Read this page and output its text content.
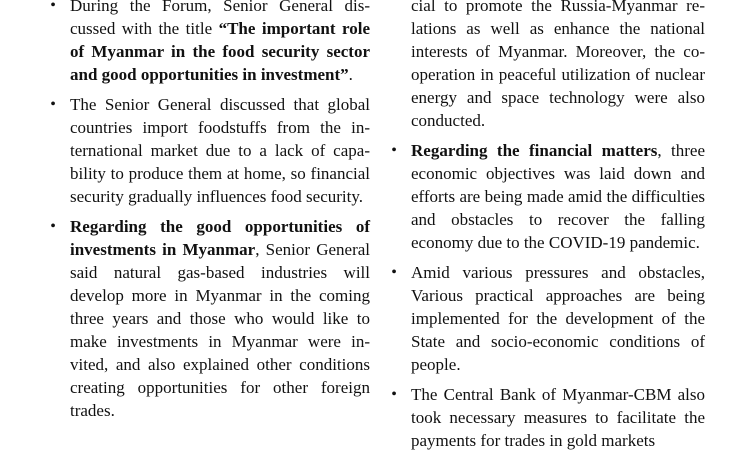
• During the Forum, Senior General discussed with the title “The important role of Myanmar in the food security sector and good opportunities in investment”.
• The Senior General discussed that global countries import foodstuffs from the international market due to a lack of capability to produce them at home, so financial security gradually influences food security.
• Regarding the good opportunities of investments in Myanmar, Senior General said natural gas-based industries will develop more in Myanmar in the coming three years and those who would like to make investments in Myanmar were invited, and also explained other conditions creating opportunities for other foreign trades.
cial to promote the Russia-Myanmar relations as well as enhance the national interests of Myanmar. Moreover, the cooperation in peaceful utilization of nuclear energy and space technology were also conducted.
• Regarding the financial matters, three economic objectives was laid down and efforts are being made amid the difficulties and obstacles to recover the falling economy due to the COVID-19 pandemic.
• Amid various pressures and obstacles, Various practical approaches are being implemented for the development of the State and socio-economic conditions of people.
• The Central Bank of Myanmar-CBM also took necessary measures to facilitate the payments for trades in gold markets
